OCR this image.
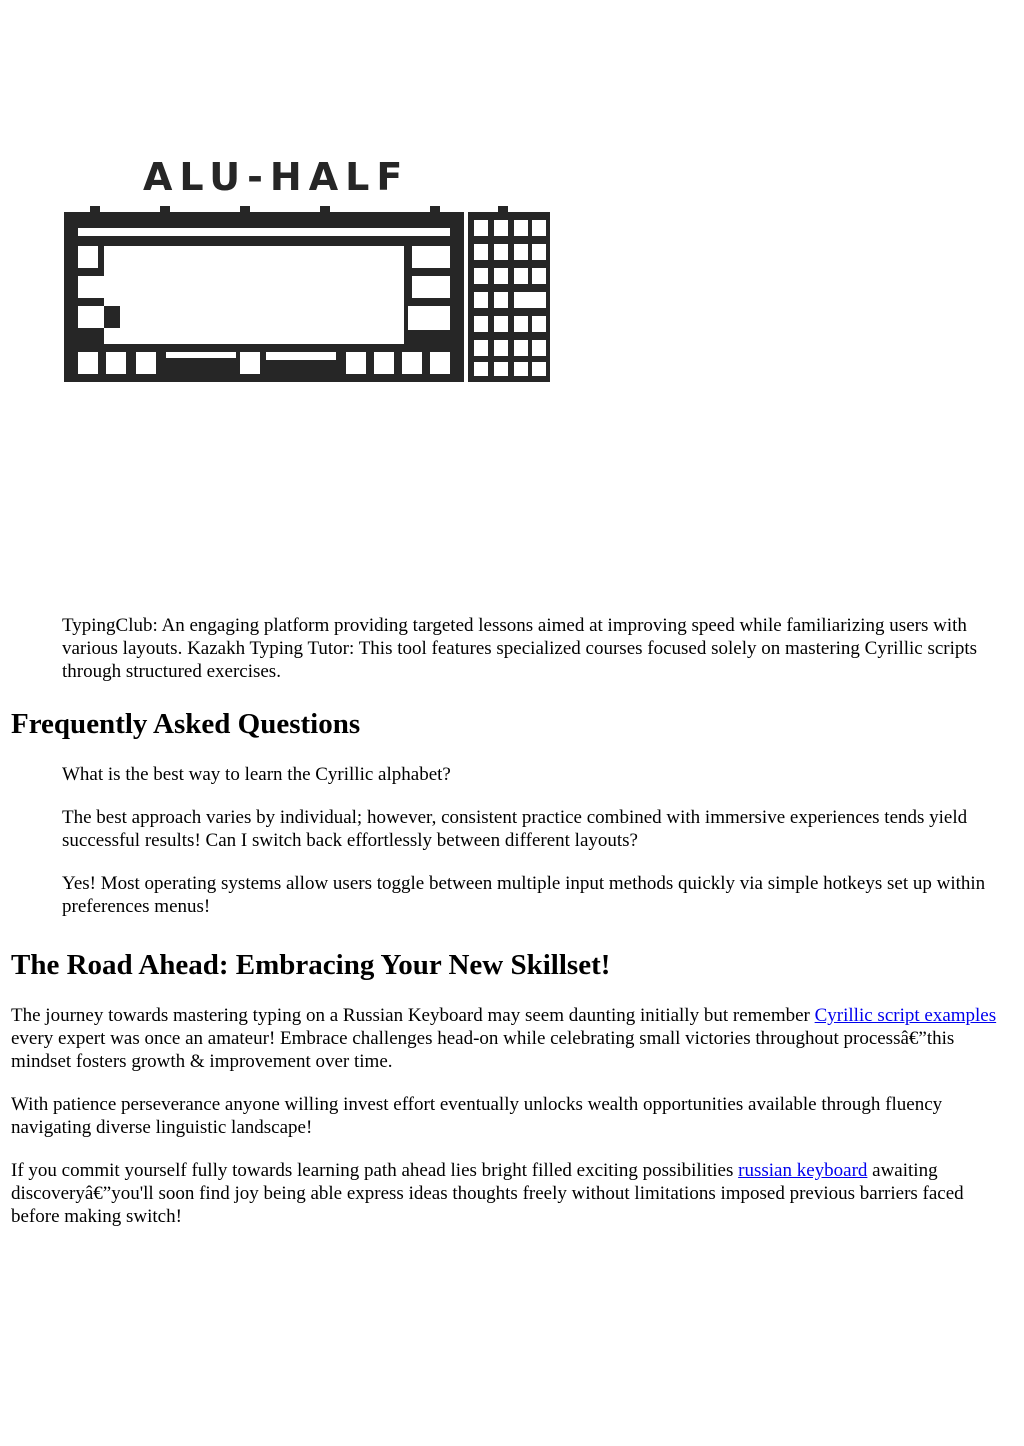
ALU-HALF

TypingClub: An engaging platform providing targeted lessons aimed at improving speed while familiarizing users with various layouts. Kazakh Typing Tutor: This tool features specialized courses focused solely on mastering Cyrillic scripts through structured exercises.

Frequently Asked Questions

What is the best way to learn the Cyrillic alphabet?

The best approach varies by individual; however, consistent practice combined with immersive experiences tends yield successful results! Can I switch back effortlessly between different layouts?

Yes! Most operating systems allow users toggle between multiple input methods quickly via simple hotkeys set up within preferences menus!

The Road Ahead: Embracing Your New Skillset!

The journey towards mastering typing on a Russian Keyboard may seem daunting initially but remember Cyrillic script examples every expert was once an amateur! Embrace challenges head-on while celebrating small victories throughout processâ€”this mindset fosters growth & improvement over time.

With patience perseverance anyone willing invest effort eventually unlocks wealth opportunities available through fluency navigating diverse linguistic landscape!

If you commit yourself fully towards learning path ahead lies bright filled exciting possibilities russian keyboard awaiting discoveryâ€”you'll soon find joy being able express ideas thoughts freely without limitations imposed previous barriers faced before making switch!
